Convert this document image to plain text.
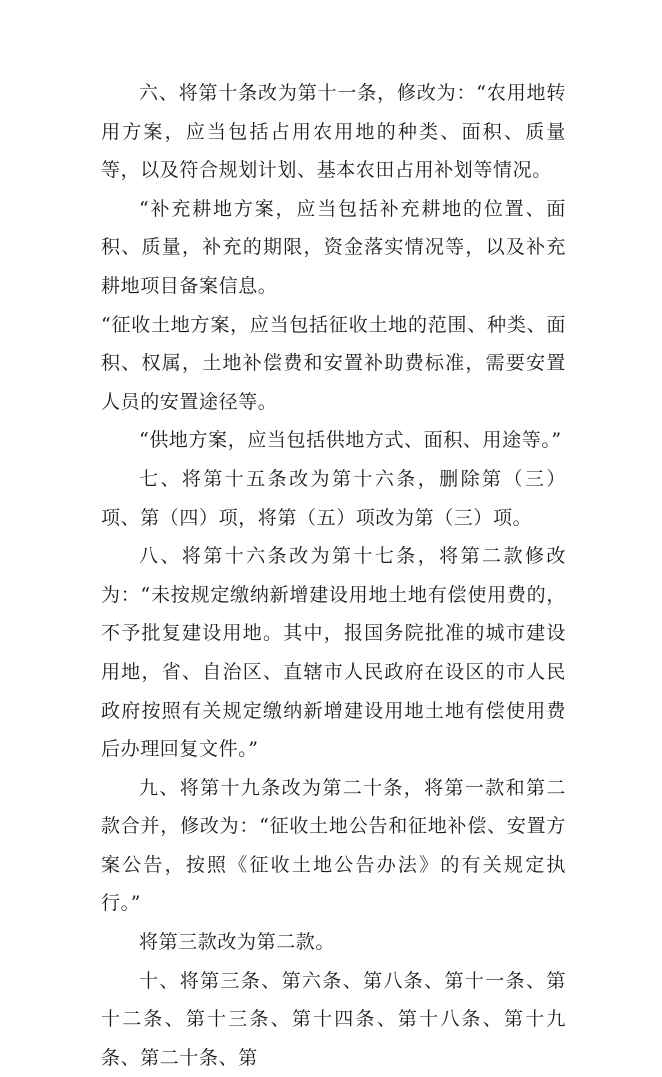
六、将第十条改为第十一条，修改为：“农用地转用方案，应当包括占用农用地的种类、面积、质量等，以及符合规划计划、基本农田占用补划等情况。

“补充耕地方案，应当包括补充耕地的位置、面积、质量，补充的期限，资金落实情况等，以及补充耕地项目备案信息。

“征收土地方案，应当包括征收土地的范围、种类、面积、权属，土地补偿费和安置补助费标准，需要安置人员的安置途径等。

“供地方案，应当包括供地方式、面积、用途等。”

七、将第十五条改为第十六条，删除第（三）项、第（四）项，将第（五）项改为第（三）项。

八、将第十六条改为第十七条，将第二款修改为：“未按规定缴纳新增建设用地土地有偿使用费的，不予批复建设用地。其中，报国务院批准的城市建设用地，省、自治区、直辖市人民政府在设区的市人民政府按照有关规定缴纳新增建设用地土地有偿使用费后办理回复文件。”

九、将第十九条改为第二十条，将第一款和第二款合并，修改为：“征收土地公告和征地补偿、安置方案公告，按照《征收土地公告办法》的有关规定执行。”

将第三款改为第二款。

十、将第三条、第六条、第八条、第十一条、第十二条、第十三条、第十四条、第十八条、第十九条、第二十条、第
